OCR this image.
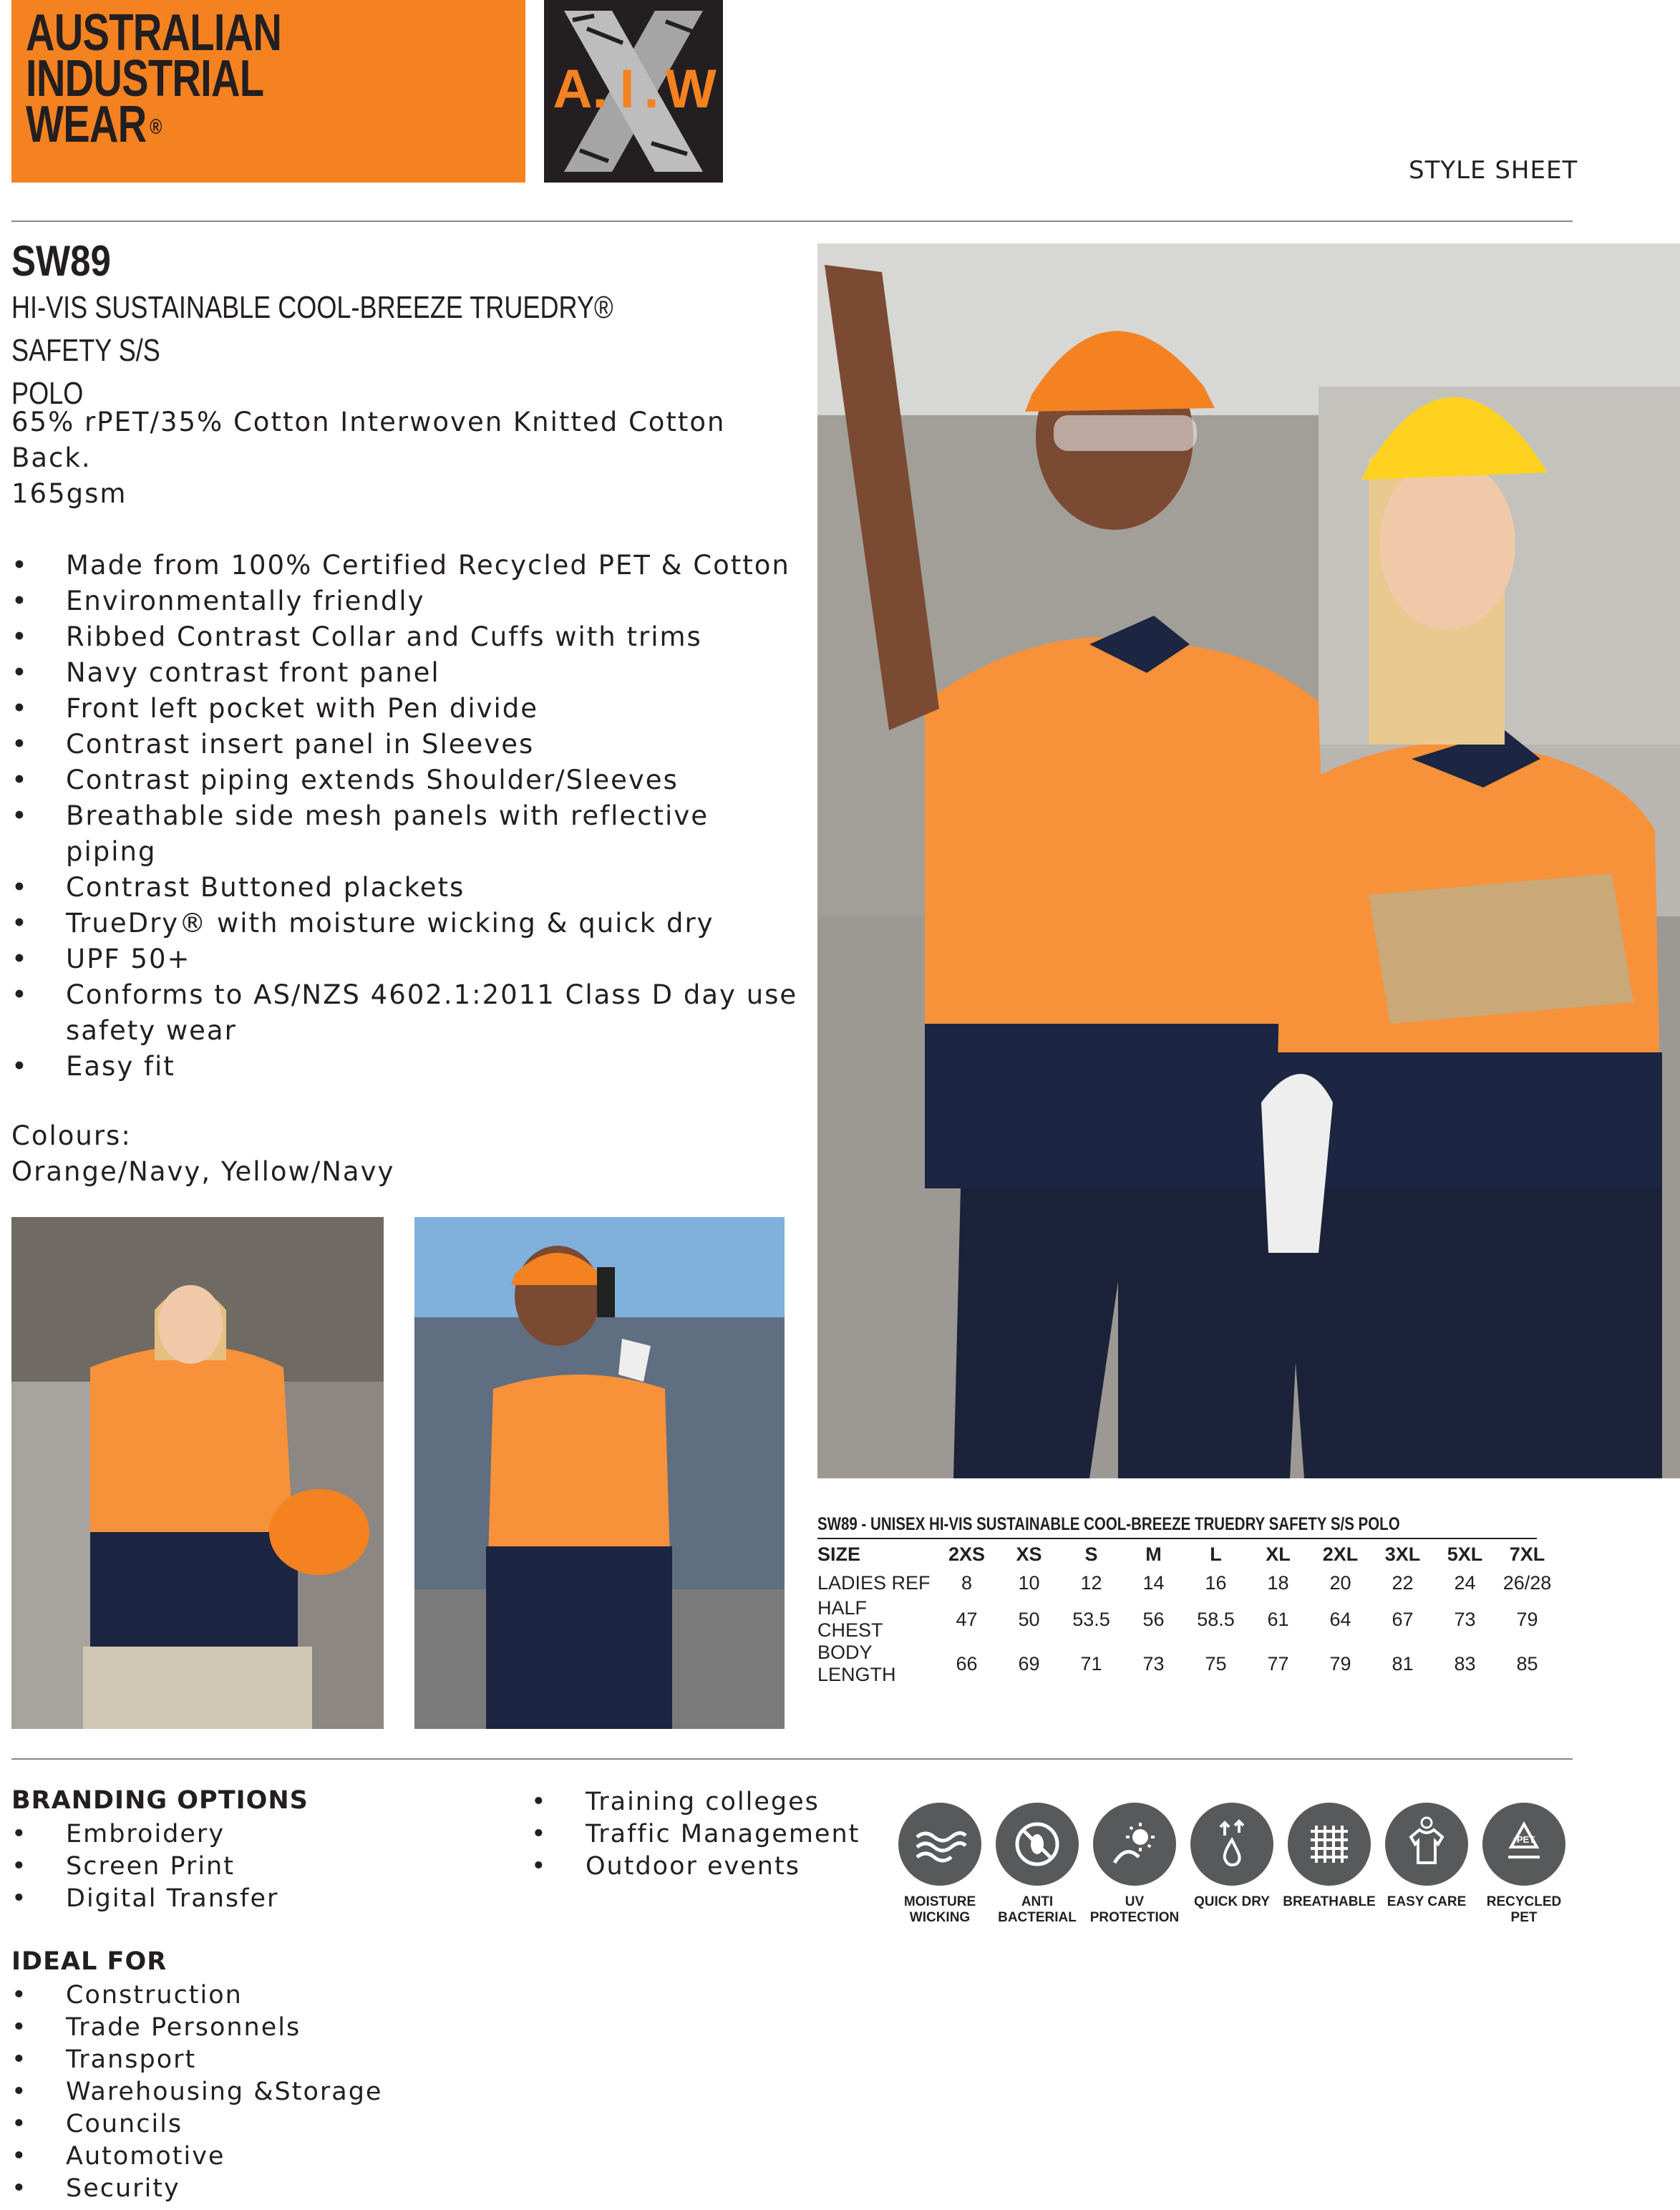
AUSTRALIAN
INDUSTRIAL
WEAR ®
A . I . W
STYLE SHEET
SW89
HI-VIS SUSTAINABLE COOL-BREEZE TRUEDRY® SAFETY S/S
POLO
65% rPET/35% Cotton Interwoven Knitted Cotton
Back.
165gsm
• Made from 100% Certified Recycled PET & Cotton
• Environmentally friendly
• Ribbed Contrast Collar and Cuffs with trims
• Navy contrast front panel
• Front left pocket with Pen divide
• Contrast insert panel in Sleeves
• Contrast piping extends Shoulder/Sleeves
• Breathable side mesh panels with reflective piping
• Contrast Buttoned plackets
• TrueDry® with moisture wicking & quick dry
• UPF 50+
• Conforms to AS/NZS 4602.1:2011 Class D day use safety wear
• Easy fit
Colours:
Orange/Navy, Yellow/Navy
SW89 - UNISEX HI-VIS SUSTAINABLE COOL-BREEZE TRUEDRY SAFETY S/S POLO
SIZE	2XS	XS	S	M	L	XL	2XL	3XL	5XL	7XL
LADIES REF	8	10	12	14	16	18	20	22	24	26/28
HALF CHEST	47	50	53.5	56	58.5	61	64	67	73	79
BODY LENGTH	66	69	71	73	75	77	79	81	83	85
BRANDING OPTIONS
• Embroidery
• Screen Print
• Digital Transfer
IDEAL FOR
• Construction
• Trade Personnels
• Transport
• Warehousing &Storage
• Councils
• Automotive
• Security
• Training colleges
• Traffic Management
• Outdoor events
MOISTURE WICKING
ANTI BACTERIAL
UV PROTECTION
QUICK DRY BREATHABLE EASY CARE
rPET
RECYCLED PET
